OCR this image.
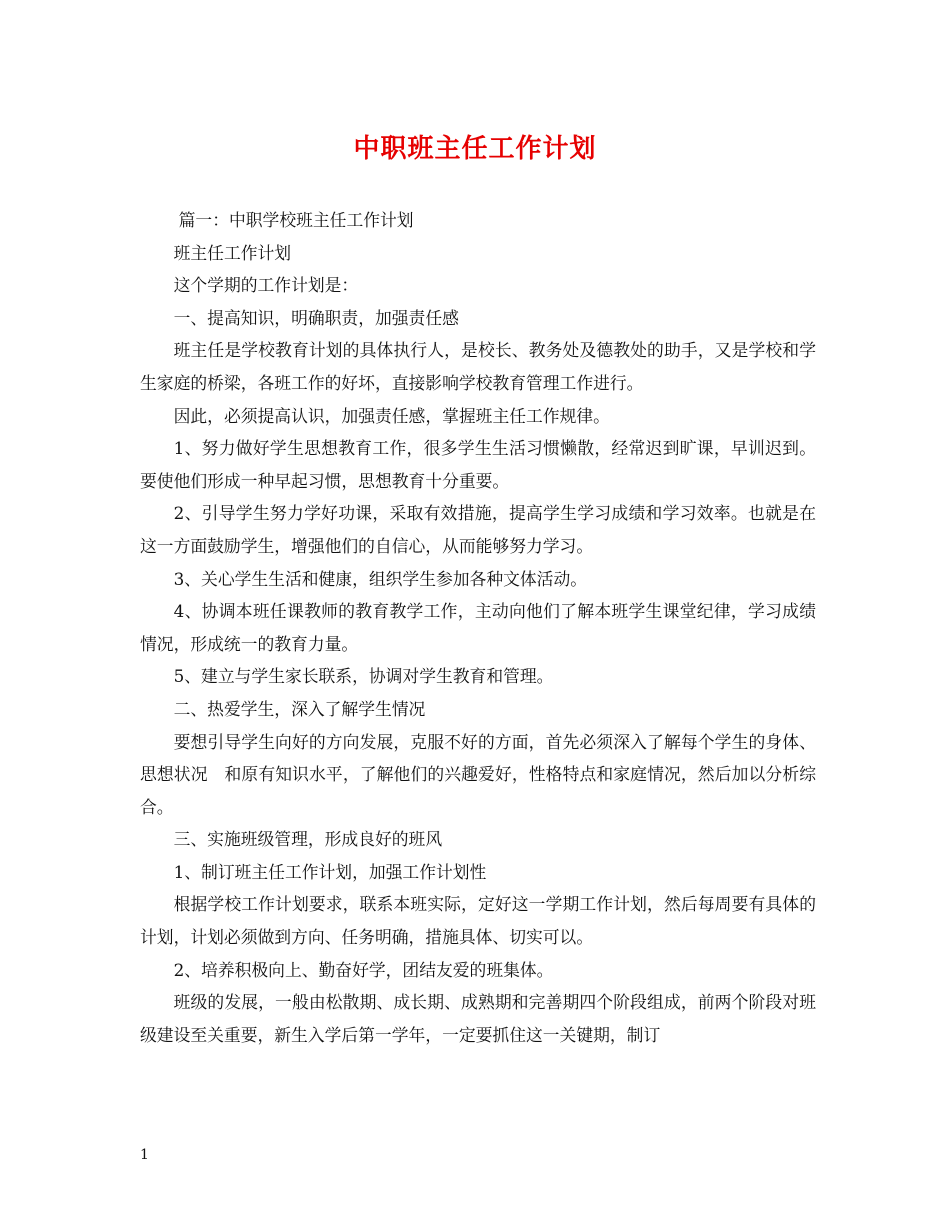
中职班主任工作计划

篇一：中职学校班主任工作计划

班主任工作计划

这个学期的工作计划是：

一、提高知识，明确职责，加强责任感

班主任是学校教育计划的具体执行人，是校长、教务处及德教处的助手，又是学校和学生家庭的桥梁，各班工作的好坏，直接影响学校教育管理工作进行。

因此，必须提高认识，加强责任感，掌握班主任工作规律。

1、努力做好学生思想教育工作，很多学生生活习惯懒散，经常迟到旷课，早训迟到。要使他们形成一种早起习惯，思想教育十分重要。

2、引导学生努力学好功课，采取有效措施，提高学生学习成绩和学习效率。也就是在这一方面鼓励学生，增强他们的自信心，从而能够努力学习。

3、关心学生生活和健康，组织学生参加各种文体活动。

4、协调本班任课教师的教育教学工作，主动向他们了解本班学生课堂纪律，学习成绩情况，形成统一的教育力量。

5、建立与学生家长联系，协调对学生教育和管理。

二、热爱学生，深入了解学生情况

要想引导学生向好的方向发展，克服不好的方面，首先必须深入了解每个学生的身体、思想状况　和原有知识水平，了解他们的兴趣爱好，性格特点和家庭情况，然后加以分析综合。

三、实施班级管理，形成良好的班风

1、制订班主任工作计划，加强工作计划性

根据学校工作计划要求，联系本班实际，定好这一学期工作计划，然后每周要有具体的计划，计划必须做到方向、任务明确，措施具体、切实可以。

2、培养积极向上、勤奋好学，团结友爱的班集体。

班级的发展，一般由松散期、成长期、成熟期和完善期四个阶段组成，前两个阶段对班级建设至关重要，新生入学后第一学年，一定要抓住这一关键期，制订

1
